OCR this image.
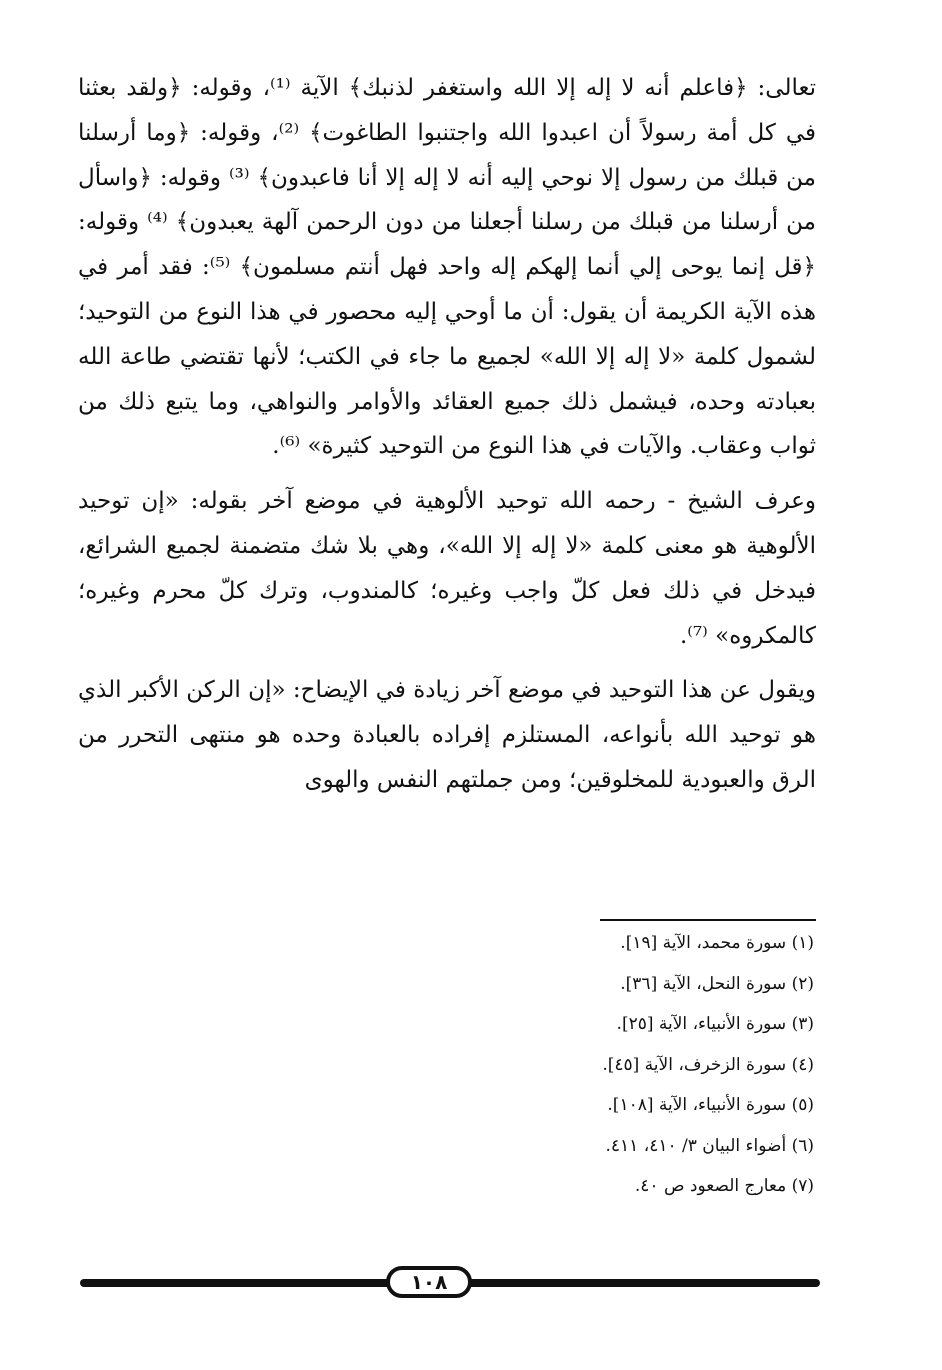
تعالى: ﴿فاعلم أنه لا إله إلا الله واستغفر لذنبك﴾ الآية ⁽¹⁾، وقوله: ﴿ولقد بعثنا في كل أمة رسولاً أن اعبدوا الله واجتنبوا الطاغوت﴾ ⁽²⁾، وقوله: ﴿وما أرسلنا من قبلك من رسول إلا نوحي إليه أنه لا إله إلا أنا فاعبدون﴾ ⁽³⁾ وقوله: ﴿واسأل من أرسلنا من قبلك من رسلنا أجعلنا من دون الرحمن آلهة يعبدون﴾ ⁽⁴⁾ وقوله: ﴿قل إنما يوحى إلي أنما إلهكم إله واحد فهل أنتم مسلمون﴾ ⁽⁵⁾: فقد أمر في هذه الآية الكريمة أن يقول: أن ما أوحي إليه محصور في هذا النوع من التوحيد؛ لشمول كلمة «لا إله إلا الله» لجميع ما جاء في الكتب؛ لأنها تقتضي طاعة الله بعبادته وحده، فيشمل ذلك جميع العقائد والأوامر والنواهي، وما يتبع ذلك من ثواب وعقاب. والآيات في هذا النوع من التوحيد كثيرة» ⁽⁶⁾.

وعرف الشيخ - رحمه الله توحيد الألوهية في موضع آخر بقوله: «إن توحيد الألوهية هو معنى كلمة «لا إله إلا الله»، وهي بلا شك متضمنة لجميع الشرائع، فيدخل في ذلك فعل كلّ واجب وغيره؛ كالمندوب، وترك كلّ محرم وغيره؛ كالمكروه» ⁽⁷⁾.

ويقول عن هذا التوحيد في موضع آخر زيادة في الإيضاح: «إن الركن الأكبر الذي هو توحيد الله بأنواعه، المستلزم إفراده بالعبادة وحده هو منتهى التحرر من الرق والعبودية للمخلوقين؛ ومن جملتهم النفس والهوى

(١) سورة محمد، الآية [١٩].
(٢) سورة النحل، الآية [٣٦].
(٣) سورة الأنبياء، الآية [٢٥].
(٤) سورة الزخرف، الآية [٤٥].
(٥) سورة الأنبياء، الآية [١٠٨].
(٦) أضواء البيان ٣/ ٤١٠، ٤١١.
(٧) معارج الصعود ص ٤٠.
١٠٨
